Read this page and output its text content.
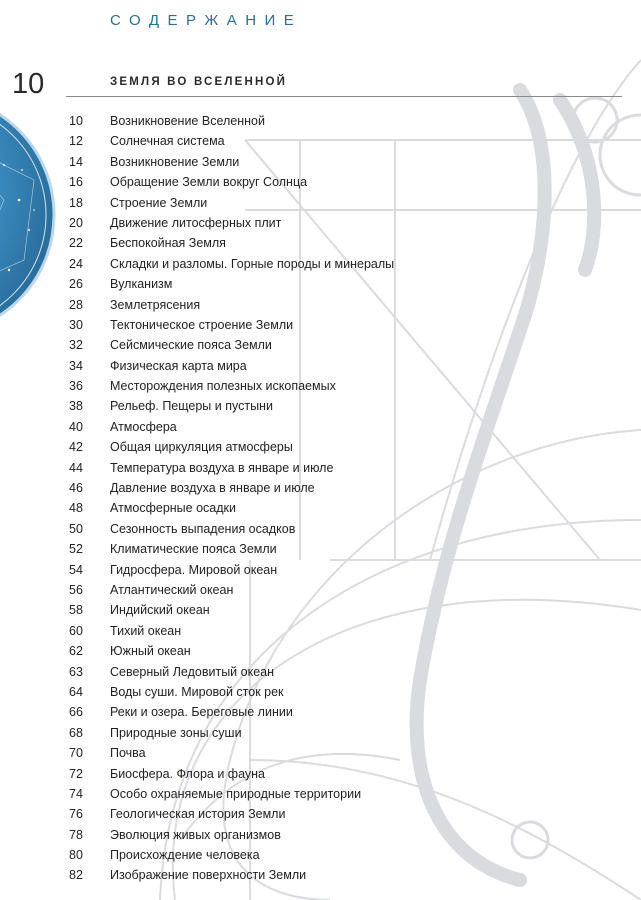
СОДЕРЖАНИЕ
10	ЗЕМЛЯ ВО ВСЕЛЕННОЙ
10	Возникновение Вселенной
12	Солнечная система
14	Возникновение Земли
16	Обращение Земли вокруг Солнца
18	Строение Земли
20	Движение литосферных плит
22	Беспокойная Земля
24	Складки и разломы. Горные породы и минералы
26	Вулканизм
28	Землетрясения
30	Тектоническое строение Земли
32	Сейсмические пояса Земли
34	Физическая карта мира
36	Месторождения полезных ископаемых
38	Рельеф. Пещеры и пустыни
40	Атмосфера
42	Общая циркуляция атмосферы
44	Температура воздуха в январе и июле
46	Давление воздуха в январе и июле
48	Атмосферные осадки
50	Сезонность выпадения осадков
52	Климатические пояса Земли
54	Гидросфера. Мировой океан
56	Атлантический океан
58	Индийский океан
60	Тихий океан
62	Южный океан
63	Северный Ледовитый океан
64	Воды суши. Мировой сток рек
66	Реки и озера. Береговые линии
68	Природные зоны суши
70	Почва
72	Биосфера. Флора и фауна
74	Особо охраняемые природные территории
76	Геологическая история Земли
78	Эволюция живых организмов
80	Происхождение человека
82	Изображение поверхности Земли
